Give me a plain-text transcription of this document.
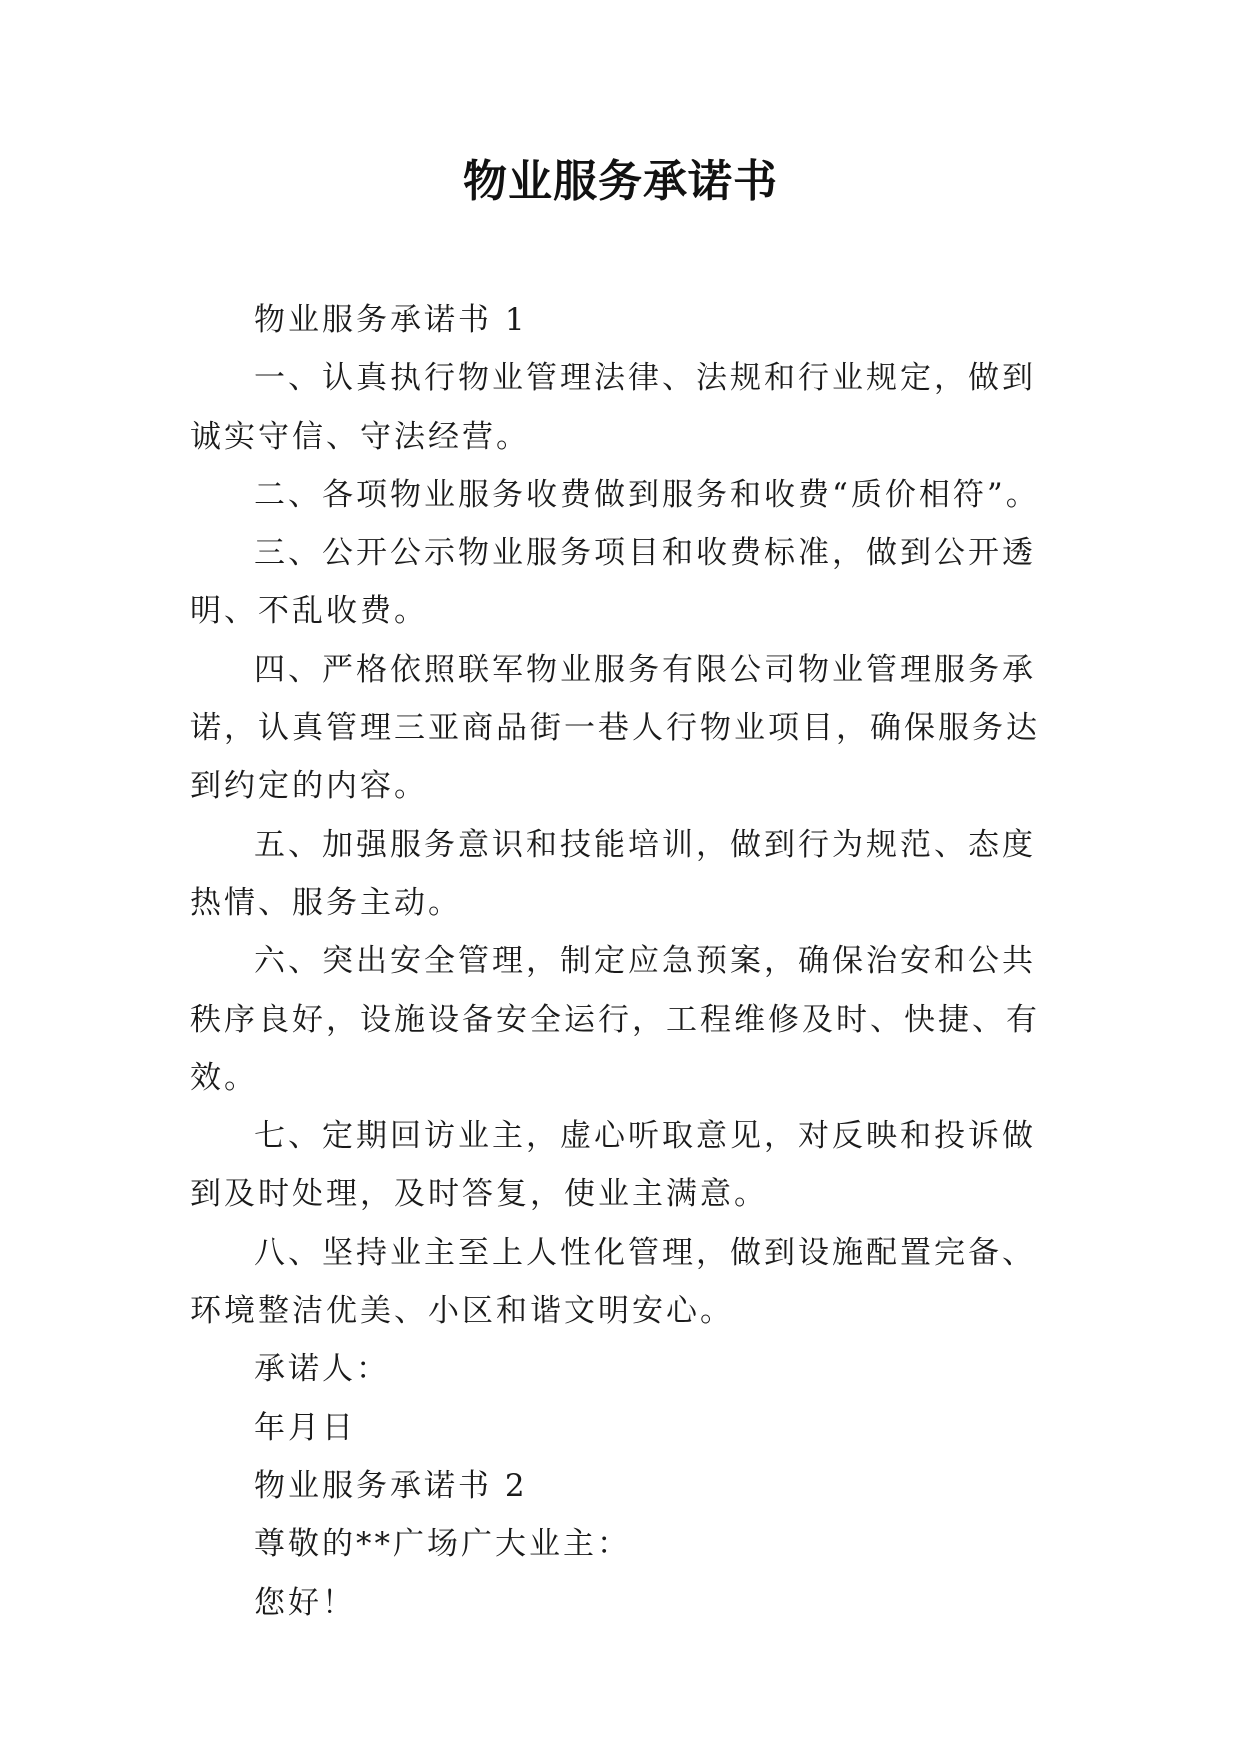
物业服务承诺书

物业服务承诺书 1

一、认真执行物业管理法律、法规和行业规定，做到诚实守信、守法经营。

二、各项物业服务收费做到服务和收费“质价相符”。

三、公开公示物业服务项目和收费标准，做到公开透明、不乱收费。

四、严格依照联军物业服务有限公司物业管理服务承诺，认真管理三亚商品街一巷人行物业项目，确保服务达到约定的内容。

五、加强服务意识和技能培训，做到行为规范、态度热情、服务主动。

六、突出安全管理，制定应急预案，确保治安和公共秩序良好，设施设备安全运行，工程维修及时、快捷、有效。

七、定期回访业主，虚心听取意见，对反映和投诉做到及时处理，及时答复，使业主满意。

八、坚持业主至上人性化管理，做到设施配置完备、环境整洁优美、小区和谐文明安心。

承诺人：

年月日

物业服务承诺书 2

尊敬的**广场广大业主：

您好！
